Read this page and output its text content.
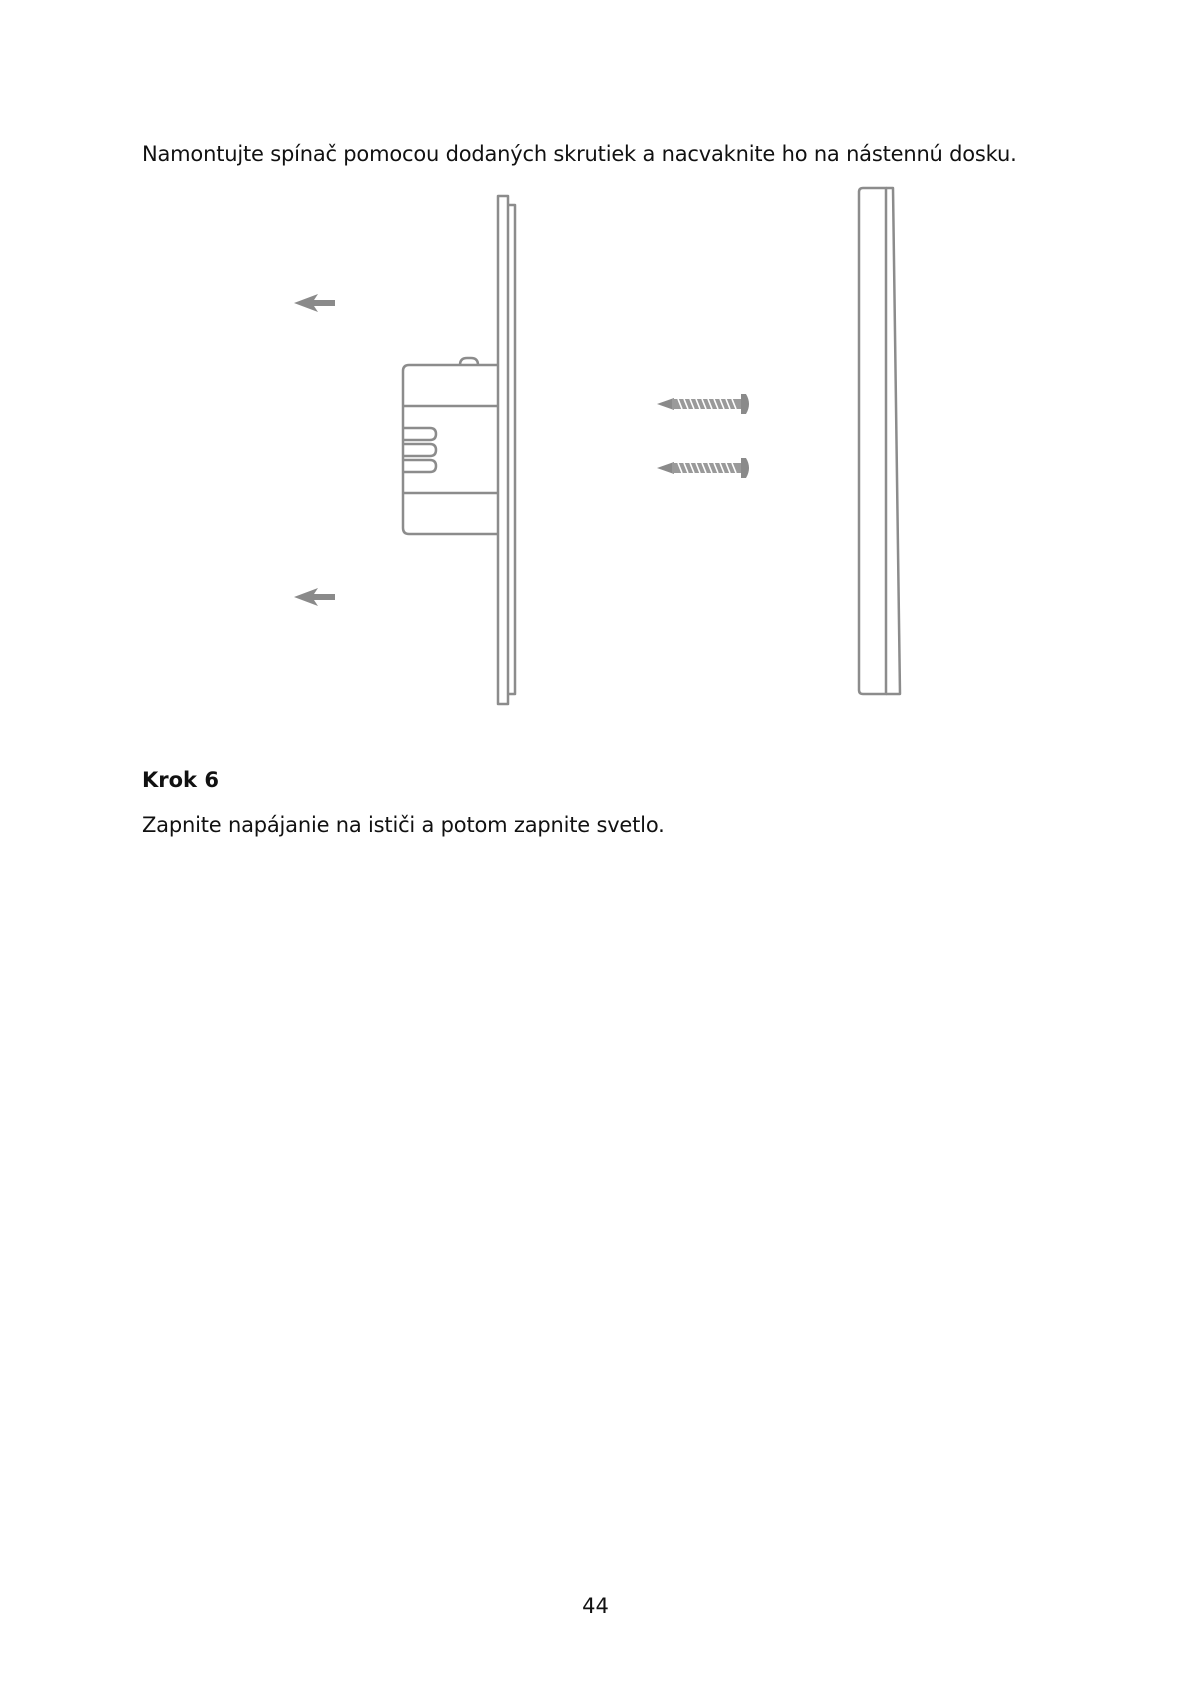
Namontujte spínač pomocou dodaných skrutiek a nacvaknite ho na nástennú dosku.

Krok 6

Zapnite napájanie na ističi a potom zapnite svetlo.

44
